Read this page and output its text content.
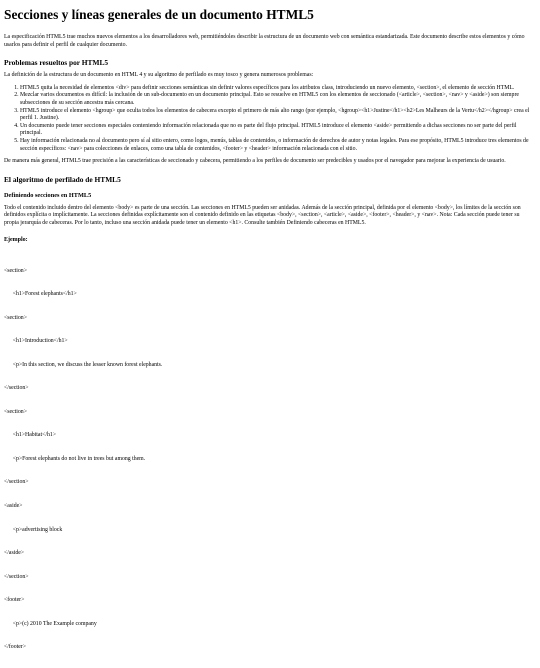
Secciones y líneas generales de un documento HTML5

La especificación HTML5 trae muchos nuevos elementos a los desarrolladores web, permitiéndoles describir la estructura de un documento web con semántica estandarizada. Este documento describe estos elementos y cómo usarlos para definir el perfil de cualquier documento.

Problemas resueltos por HTML5

La definición de la estructura de un documento en HTML 4 y su algoritmo de perfilado es muy tosco y genera numerosos problemas:

1. HTML5 quita la necesidad de elementos <div> para definir secciones semánticas sin definir valores específicos para los atributos class, introduciendo un nuevo elemento, <section>, el elemento de sección HTML.
2. Mezclar varios documentos es difícil: la inclusión de un sub-documento en un documento principal. Esto se resuelve en HTML5 con los elementos de seccionado (<article>, <section>, <nav> y <aside>) son siempre subsecciones de su sección ancestra más cercana.
3. HTML5 introduce el elemento <hgroup> que oculta todos los elementos de cabecera excepto el primero de más alto rango (por ejemplo, <hgroup><h1>Justine</h1><h2>Les Malheurs de la Vertu</h2></hgroup> crea el perfil 1. Justine).
4. Un documento puede tener secciones especiales conteniendo información relacionada que no es parte del flujo principal. HTML5 introduce el elemento <aside> permitiendo a dichas secciones no ser parte del perfil principal.
5. Hay información relacionada no al documento pero sí al sitio entero, como logos, menús, tablas de contenidos, o información de derechos de autor y notas legales. Para ese propósito, HTML5 introduce tres elementos de sección específicos: <nav> para colecciones de enlaces, como una tabla de contenidos, <footer> y <header> información relacionada con el sitio.

De manera más general, HTML5 trae precisión a las características de seccionado y cabecera, permitiendo a los perfiles de documento ser predecibles y usados por el navegador para mejorar la experiencia de usuario.

El algoritmo de perfilado de HTML5
Definiendo secciones en HTML5

Todo el contenido incluido dentro del elemento <body> es parte de una sección. Las secciones en HTML5 pueden ser anidadas. Además de la sección principal, definida por el elemento <body>, los límites de la sección son definidos explícita o implícitamente. La secciones definidas explícitamente son el contenido definido en las etiquetas <body>, <section>, <article>, <aside>, <footer>, <header>, y <nav>. Nota: Cada sección puede tener su propia jerarquía de cabeceras. Por lo tanto, incluso una sección anidada puede tener un elemento <h1>. Consulte también Definiendo cabeceras en HTML5.

Ejemplo:

<section>

<h1>Forest elephants</h1>

<section>

<h1>Introduction</h1>

<p>In this section, we discuss the lesser known forest elephants.

</section>

<section>

<h1>Habitat</h1>

<p>Forest elephants do not live in trees but among them.

</section>

<aside>

<p>advertising block

</aside>

</section>

<footer>

<p>(c) 2010 The Example company

</footer>
